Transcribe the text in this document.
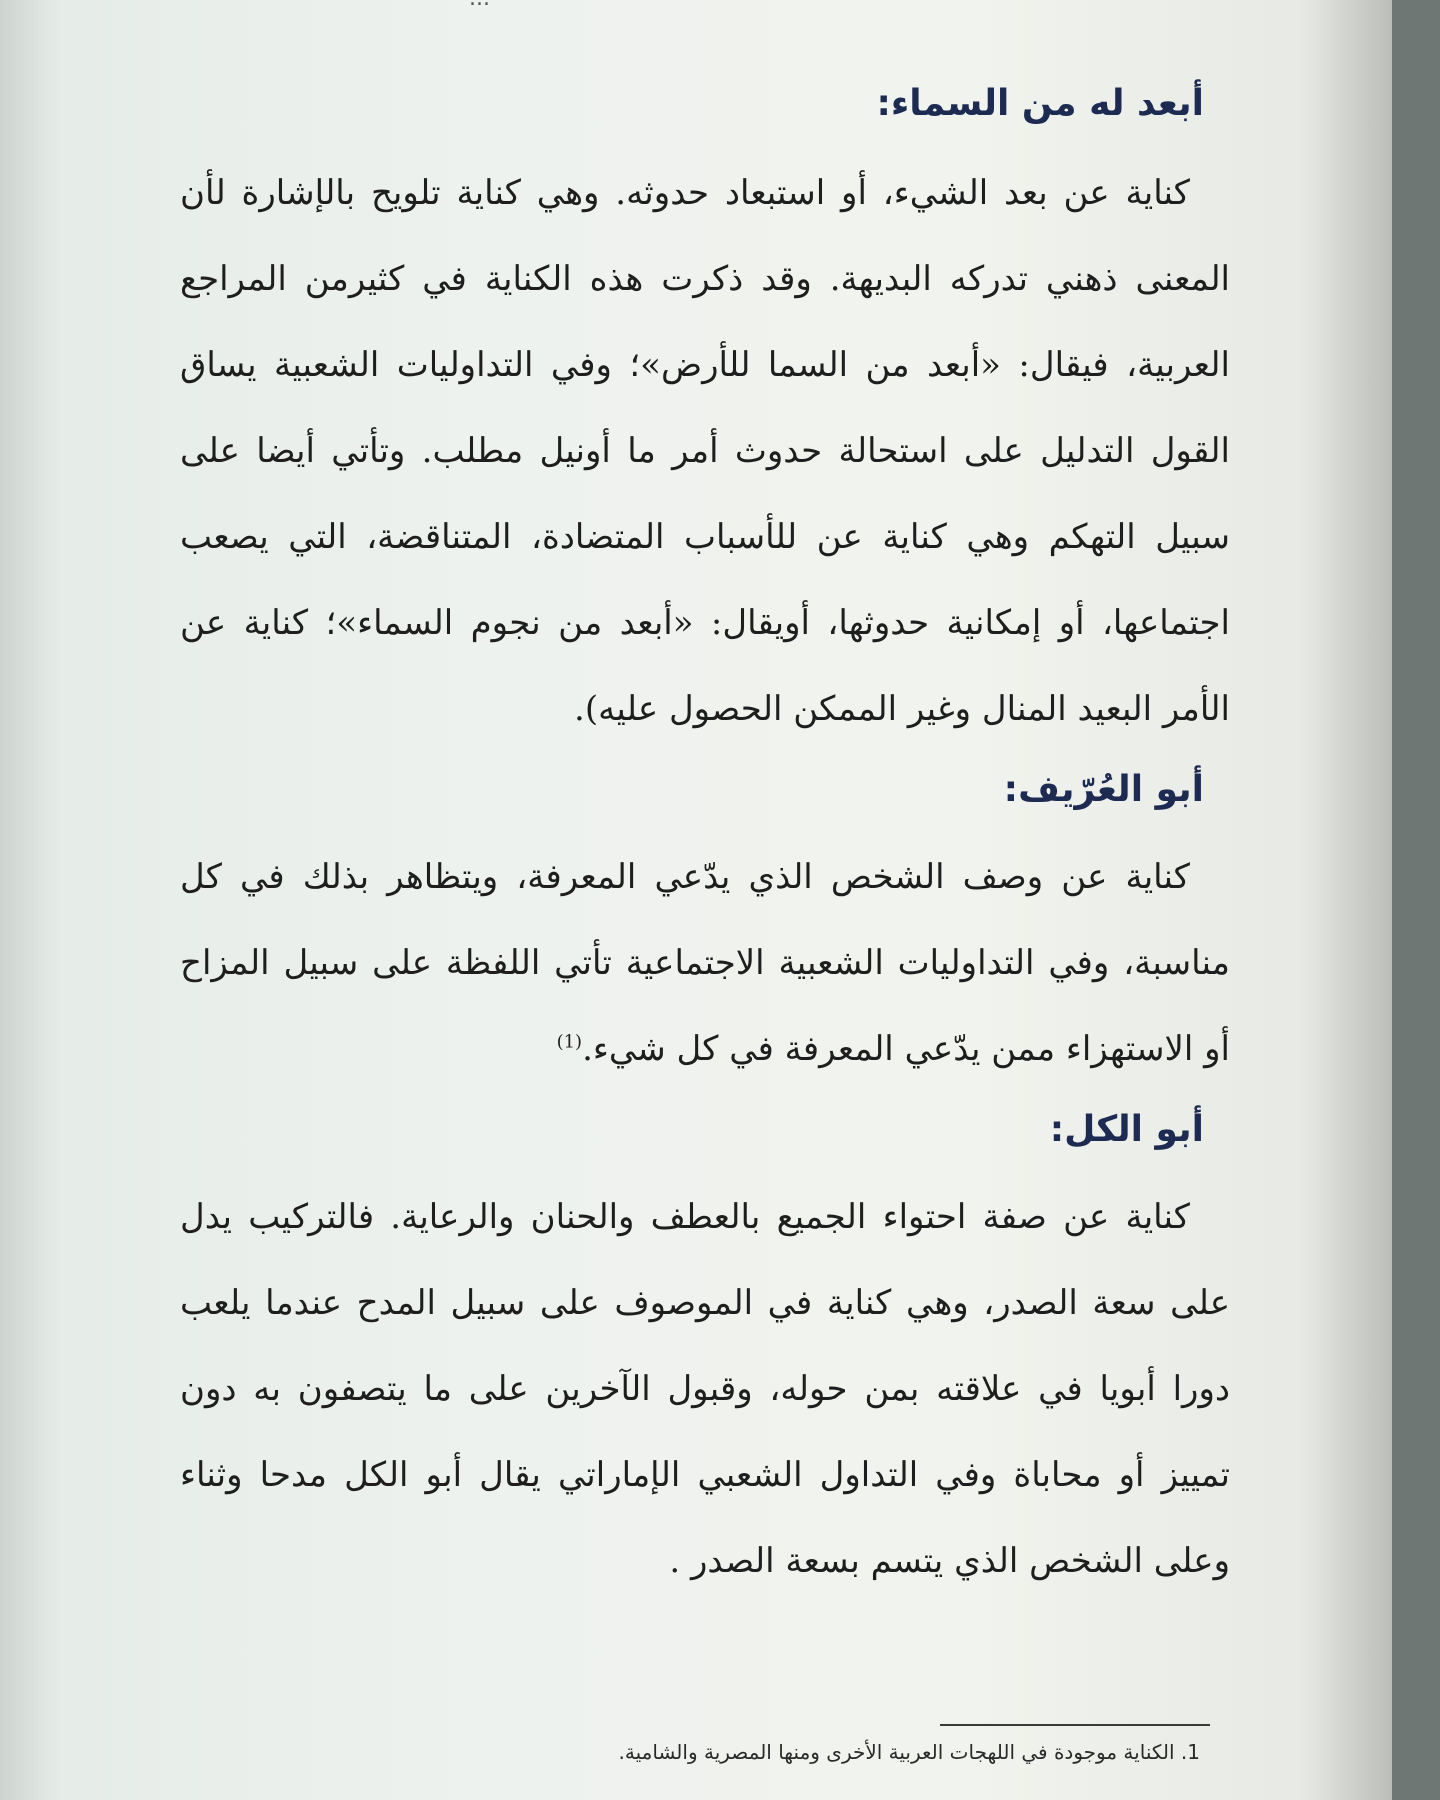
أبعد له من السماء:

كناية عن بعد الشيء، أو استبعاد حدوثه. وهي كناية تلويح بالإشارة لأن المعنى ذهني تدركه البديهة. وقد ذكرت هذه الكناية في كثيرمن المراجع العربية، فيقال: «أبعد من السما للأرض»؛ وفي التداوليات الشعبية يساق القول التدليل على استحالة حدوث أمر ما أونيل مطلب. وتأتي أيضا على سبيل التهكم وهي كناية عن للأسباب المتضادة، المتناقضة، التي يصعب اجتماعها، أو إمكانية حدوثها، أويقال: «أبعد من نجوم السماء»؛ كناية عن الأمر البعيد المنال وغير الممكن الحصول عليه).

أبو العُرّيف:

كناية عن وصف الشخص الذي يدّعي المعرفة، ويتظاهر بذلك في كل مناسبة، وفي التداوليات الشعبية الاجتماعية تأتي اللفظة على سبيل المزاح أو الاستهزاء ممن يدّعي المعرفة في كل شيء.$^{(1)}$

أبو الكل:

كناية عن صفة احتواء الجميع بالعطف والحنان والرعاية. فالتركيب يدل على سعة الصدر، وهي كناية في الموصوف على سبيل المدح عندما يلعب دورا أبويا في علاقته بمن حوله، وقبول الآخرين على ما يتصفون به دون تمييز أو محاباة وفي التداول الشعبي الإماراتي يقال أبو الكل مدحا وثناء وعلى الشخص الذي يتسم بسعة الصدر .

1. الكناية موجودة في اللهجات العربية الأخرى ومنها المصرية والشامية.
